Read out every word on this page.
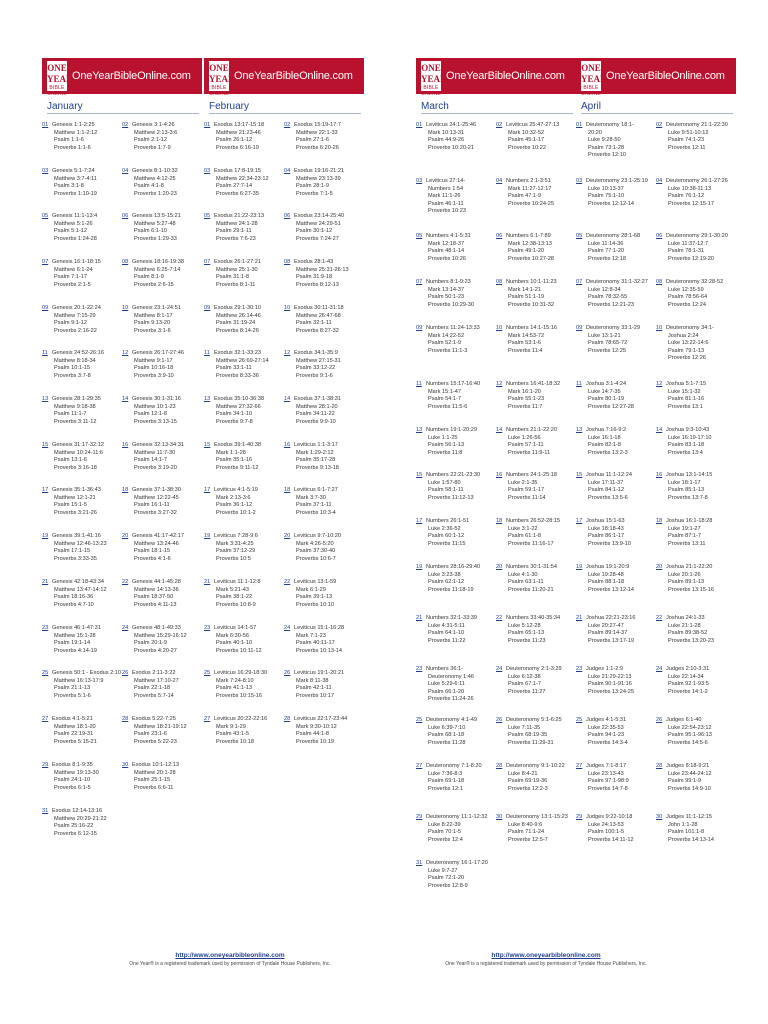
ONE YEAR
BIBLE ONLINE
OneYearBibleOnline.com
January
01 Genesis 1:1-2:25
Matthew 1:1-2:12
Psalm 1:1-6
Proverbs 1:1-6
02 Genesis 3:1-4:26
Matthew 2:13-3:6
Psalm 2:1-12
Proverbs 1:7-9
03 Genesis 5:1-7:24
Matthew 3:7-4:11
Psalm 3:1-8
Proverbs 1:10-19
04 Genesis 8:1-10:32
Matthew 4:12-25
Psalm 4:1-8
Proverbs 1:20-23
05 Genesis 11:1-13:4
Matthew 5:1-26
Psalm 5:1-12
Proverbs 1:24-28
06 Genesis 13:5-15:21
Matthew 5:27-48
Psalm 6:1-10
Proverbs 1:29-33
07 Genesis 16:1-18:15
Matthew 6:1-24
Psalm 7:1-17
Proverbs 2:1-5
08 Genesis 18:16-19:38
Matthew 6:25-7:14
Psalm 8:1-9
Proverbs 2:6-15
09 Genesis 20:1-22:24
Matthew 7:15-29
Psalm 9:1-12
Proverbs 2:16-22
10 Genesis 23:1-24:51
Matthew 8:1-17
Psalm 9:13-20
Proverbs 3:1-6
11 Genesis 24:52-26:16
Matthew 8:18-34
Psalm 10:1-15
Proverbs 3:7-8
12 Genesis 26:17-27:46
Matthew 9:1-17
Psalm 10:16-18
Proverbs 3:9-10
13 Genesis 28:1-29:35
Matthew 9:18-38
Psalm 11:1-7
Proverbs 3:11-12
14 Genesis 30:1-31:16
Matthew 10:1-23
Psalm 12:1-8
Proverbs 3:13-15
15 Genesis 31:17-32:12
Matthew 10:24-11:6
Psalm 13:1-6
Proverbs 3:16-18
16 Genesis 32:13-34:31
Matthew 11:7-30
Psalm 14:1-7
Proverbs 3:19-20
17 Genesis 35:1-36:43
Matthew 12:1-21
Psalm 15:1-5
Proverbs 3:21-26
18 Genesis 37:1-38:30
Matthew 12:22-45
Psalm 16:1-11
Proverbs 3:27-32
19 Genesis 39:1-41:16
Matthew 12:46-13:23
Psalm 17:1-15
Proverbs 3:33-35
20 Genesis 41:17-42:17
Matthew 13:24-46
Psalm 18:1-15
Proverbs 4:1-6
21 Genesis 42:18-43:34
Matthew 13:47-14:12
Psalm 18:16-36
Proverbs 4:7-10
22 Genesis 44:1-45:28
Matthew 14:13-36
Psalm 18:37-50
Proverbs 4:11-13
23 Genesis 46:1-47:31
Matthew 15:1-28
Psalm 19:1-14
Proverbs 4:14-19
24 Genesis 48:1-49:33
Matthew 15:29-16:12
Psalm 20:1-9
Proverbs 4:20-27
25 Genesis 50:1 - Exodus 2:10
Matthew 16:13-17:9
Psalm 21:1-13
Proverbs 5:1-6
26 Exodus 2:11-3:22
Matthew 17:10-27
Psalm 22:1-18
Proverbs 5:7-14
27 Exodus 4:1-5:21
Matthew 18:1-20
Psalm 22:19-31
Proverbs 5:15-21
28 Exodus 5:22-7:25
Matthew 18:21-19:12
Psalm 23:1-6
Proverbs 5:22-23
29 Exodus 8:1-9:35
Matthew 19:13-30
Psalm 24:1-10
Proverbs 6:1-5
30 Exodus 10:1-12:13
Matthew 20:1-28
Psalm 25:1-15
Proverbs 6:6-11
31 Exodus 12:14-13:16
Matthew 20:29-21:22
Psalm 25:16-22
Proverbs 6:12-15
ONE YEAR
BIBLE ONLINE
OneYearBibleOnline.com
February
01 Exodus 13:17-15:18
Matthew 21:23-46
Psalm 26:1-12
Proverbs 6:16-19
02 Exodus 15:19-17:7
Matthew 22:1-33
Psalm 27:1-6
Proverbs 6:20-26
03 Exodus 17:8-19:15
Matthew 22:34-23:12
Psalm 27:7-14
Proverbs 6:27-35
04 Exodus 19:16-21:21
Matthew 23:13-39
Psalm 28:1-9
Proverbs 7:1-5
05 Exodus 21:22-23:13
Matthew 24:1-28
Psalm 29:1-11
Proverbs 7:6-23
06 Exodus 23:14-25:40
Matthew 24:29-51
Psalm 30:1-12
Proverbs 7:24-27
07 Exodus 26:1-27:21
Matthew 25:1-30
Psalm 31:1-8
Proverbs 8:1-11
08 Exodus 28:1-43
Matthew 25:31-26:13
Psalm 31:9-18
Proverbs 8:12-13
09 Exodus 29:1-30:10
Matthew 26:14-46
Psalm 31:19-24
Proverbs 8:14-26
10 Exodus 30:11-31:18
Matthew 26:47-68
Psalm 32:1-11
Proverbs 8:27-32
11 Exodus 32:1-33:23
Matthew 26:69-27:14
Psalm 33:1-11
Proverbs 8:33-36
12 Exodus 34:1-35:9
Matthew 27:15-31
Psalm 33:12-22
Proverbs 9:1-6
13 Exodus 35:10-36:38
Matthew 27:32-66
Psalm 34:1-10
Proverbs 9:7-8
14 Exodus 37:1-38:31
Matthew 28:1-20
Psalm 34:11-22
Proverbs 9:9-10
15 Exodus 39:1-40:38
Mark 1:1-28
Psalm 35:1-16
Proverbs 9:11-12
16 Leviticus 1:1-3:17
Mark 1:29-2:12
Psalm 35:17-28
Proverbs 9:13-18
17 Leviticus 4:1-5:19
Mark 2:13-3:6
Psalm 36:1-12
Proverbs 10:1-2
18 Leviticus 6:1-7:27
Mark 3:7-30
Psalm 37:1-11
Proverbs 10:3-4
19 Leviticus 7:28-9:6
Mark 3:31-4:25
Psalm 37:12-29
Proverbs 10:5
20 Leviticus 9:7-10:20
Mark 4:26-5:20
Psalm 37:30-40
Proverbs 10:6-7
21 Leviticus 11:1-12:8
Mark 5:21-43
Psalm 38:1-22
Proverbs 10:8-9
22 Leviticus 13:1-59
Mark 6:1-29
Psalm 39:1-13
Proverbs 10:10
23 Leviticus 14:1-57
Mark 6:30-56
Psalm 40:1-10
Proverbs 10:11-12
24 Leviticus 15:1-16:28
Mark 7:1-23
Psalm 40:11-17
Proverbs 10:13-14
25 Leviticus 16:29-18:30
Mark 7:24-8:10
Psalm 41:1-13
Proverbs 10:15-16
26 Leviticus 19:1-20:21
Mark 8:11-38
Psalm 42:1-11
Proverbs 10:17
27 Leviticus 20:22-22:16
Mark 9:1-29
Psalm 43:1-5
Proverbs 10:18
28 Leviticus 22:17-23:44
Mark 9:30-10:12
Psalm 44:1-8
Proverbs 10:19
ONE YEAR
BIBLE ONLINE
OneYearBibleOnline.com
March
01 Leviticus 24:1-25:46
Mark 10:13-31
Psalm 44:9-26
Proverbs 10:20-21
02 Leviticus 25:47-27:13
Mark 10:32-52
Psalm 45:1-17
Proverbs 10:22
03 Leviticus 27:14-
Numbers 1:54
Mark 11:1-26
Psalm 46:1-11
Proverbs 10:23
04 Numbers 2:1-3:51
Mark 11:27-12:17
Psalm 47:1-9
Proverbs 10:24-25
05 Numbers 4:1-5:31
Mark 12:18-37
Psalm 48:1-14
Proverbs 10:26
06 Numbers 6:1-7:89
Mark 12:38-13:13
Psalm 49:1-20
Proverbs 10:27-28
07 Numbers 8:1-9:23
Mark 13:14-37
Psalm 50:1-23
Proverbs 10:29-30
08 Numbers 10:1-11:23
Mark 14:1-21
Psalm 51:1-19
Proverbs 10:31-32
09 Numbers 11:24-13:33
Mark 14:22-52
Psalm 52:1-9
Proverbs 11:1-3
10 Numbers 14:1-15:16
Mark 14:53-72
Psalm 53:1-6
Proverbs 11:4
11 Numbers 15:17-16:40
Mark 15:1-47
Psalm 54:1-7
Proverbs 11:5-6
12 Numbers 16:41-18:32
Mark 16:1-20
Psalm 55:1-23
Proverbs 11:7
13 Numbers 19:1-20:29
Luke 1:1-25
Psalm 56:1-13
Proverbs 11:8
14 Numbers 21:1-22:20
Luke 1:26-56
Psalm 57:1-11
Proverbs 11:9-11
15 Numbers 22:21-23:30
Luke 1:57-80
Psalm 58:1-11
Proverbs 11:12-13
16 Numbers 24:1-25:18
Luke 2:1-35
Psalm 59:1-17
Proverbs 11:14
17 Numbers 26:1-51
Luke 2:36-52
Psalm 60:1-12
Proverbs 11:15
18 Numbers 26:52-28:15
Luke 3:1-22
Psalm 61:1-8
Proverbs 11:16-17
19 Numbers 28:16-29:40
Luke 3:23-38
Psalm 62:1-12
Proverbs 11:18-19
20 Numbers 30:1-31:54
Luke 4:1-30
Psalm 63:1-11
Proverbs 11:20-21
21 Numbers 32:1-33:39
Luke 4:31-5:11
Psalm 64:1-10
Proverbs 11:22
22 Numbers 33:40-35:34
Luke 5:12-28
Psalm 65:1-13
Proverbs 11:23
23 Numbers 36:1-
Deuteronomy 1:46
Luke 5:29-6:11
Psalm 66:1-20
Proverbs 11:24-26
24 Deuteronomy 2:1-3:29
Luke 6:12-38
Psalm 67:1-7
Proverbs 11:27
25 Deuteronomy 4:1-49
Luke 6:39-7:10
Psalm 68:1-18
Proverbs 11:28
26 Deuteronomy 5:1-6:25
Luke 7:11-35
Psalm 68:19-35
Proverbs 11:29-31
27 Deuteronomy 7:1-8:20
Luke 7:36-8:3
Psalm 69:1-18
Proverbs 12:1
28 Deuteronomy 9:1-10:22
Luke 8:4-21
Psalm 69:19-36
Proverbs 12:2-3
29 Deuteronomy 11:1-12:32
Luke 8:22-39
Psalm 70:1-5
Proverbs 12:4
30 Deuteronomy 13:1-15:23
Luke 8:40-9:6
Psalm 71:1-24
Proverbs 12:5-7
31 Deuteronomy 16:1-17:20
Luke 9:7-27
Psalm 72:1-20
Proverbs 12:8-9
ONE YEAR
BIBLE ONLINE
OneYearBibleOnline.com
April
01 Deuteronomy 18:1-
20:20
Luke 9:28-50
Psalm 73:1-28
Proverbs 12:10
02 Deuteronomy 21:1-22:30
Luke 9:51-10:12
Psalm 74:1-23
Proverbs 12:11
03 Deuteronomy 23:1-25:19
Luke 10:13-37
Psalm 75:1-10
Proverbs 12:12-14
04 Deuteronomy 26:1-27:26
Luke 10:38-11:13
Psalm 76:1-12
Proverbs 12:15-17
05 Deuteronomy 28:1-68
Luke 11:14-36
Psalm 77:1-20
Proverbs 12:18
06 Deuteronomy 29:1-30:20
Luke 11:37-12:7
Psalm 78:1-31
Proverbs 12:19-20
07 Deuteronomy 31:1-32:27
Luke 12:8-34
Psalm 78:32-55
Proverbs 12:21-23
08 Deuteronomy 32:28-52
Luke 12:35-59
Psalm 78:56-64
Proverbs 12:24
09 Deuteronomy 33:1-29
Luke 13:1-21
Psalm 78:65-72
Proverbs 12:25
10 Deuteronomy 34:1-
Joshua 2:24
Luke 13:22-14:6
Psalm 79:1-13
Proverbs 12:26
11 Joshua 3:1-4:24
Luke 14:7-35
Psalm 80:1-19
Proverbs 12:27-28
12 Joshua 5:1-7:15
Luke 15:1-32
Psalm 81:1-16
Proverbs 13:1
13 Joshua 7:16-9:2
Luke 16:1-18
Psalm 82:1-8
Proverbs 13:2-3
14 Joshua 9:3-10:43
Luke 16:19-17:10
Psalm 83:1-18
Proverbs 13:4
15 Joshua 11:1-12:24
Luke 17:11-37
Psalm 84:1-12
Proverbs 13:5-6
16 Joshua 13:1-14:15
Luke 18:1-17
Psalm 85:1-13
Proverbs 13:7-8
17 Joshua 15:1-63
Luke 18:18-43
Psalm 86:1-17
Proverbs 13:9-10
18 Joshua 16:1-18:28
Luke 19:1-27
Psalm 87:1-7
Proverbs 13:11
19 Joshua 19:1-20:9
Luke 19:28-48
Psalm 88:1-18
Proverbs 13:12-14
20 Joshua 21:1-22:20
Luke 20:1-26
Psalm 89:1-13
Proverbs 13:15-16
21 Joshua 22:21-23:16
Luke 20:27-47
Psalm 89:14-37
Proverbs 13:17-19
22 Joshua 24:1-33
Luke 21:1-28
Psalm 89:38-52
Proverbs 13:20-23
23 Judges 1:1-2:9
Luke 21:29-22:13
Psalm 90:1-91:16
Proverbs 13:24-25
24 Judges 2:10-3:31
Luke 22:14-34
Psalm 92:1-93:5
Proverbs 14:1-2
25 Judges 4:1-5:31
Luke 22:35-53
Psalm 94:1-23
Proverbs 14:3-4
26 Judges 6:1-40
Luke 22:54-23:12
Psalm 95:1-96:13
Proverbs 14:5-6
27 Judges 7:1-8:17
Luke 23:13-43
Psalm 97:1-98:9
Proverbs 14:7-8
28 Judges 8:18-9:21
Luke 23:44-24:12
Psalm 99:1-9
Proverbs 14:9-10
29 Judges 9:22-10:18
Luke 24:13-53
Psalm 100:1-5
Proverbs 14:11-12
30 Judges 11:1-12:15
John 1:1-28
Psalm 101:1-8
Proverbs 14:13-14
http://www.oneyearbibleonline.com
One Year® is a registered trademark used by permission of Tyndale House Publishers, Inc.
http://www.oneyearbibleonline.com
One Year® is a registered trademark used by permission of Tyndale House Publishers, Inc.
